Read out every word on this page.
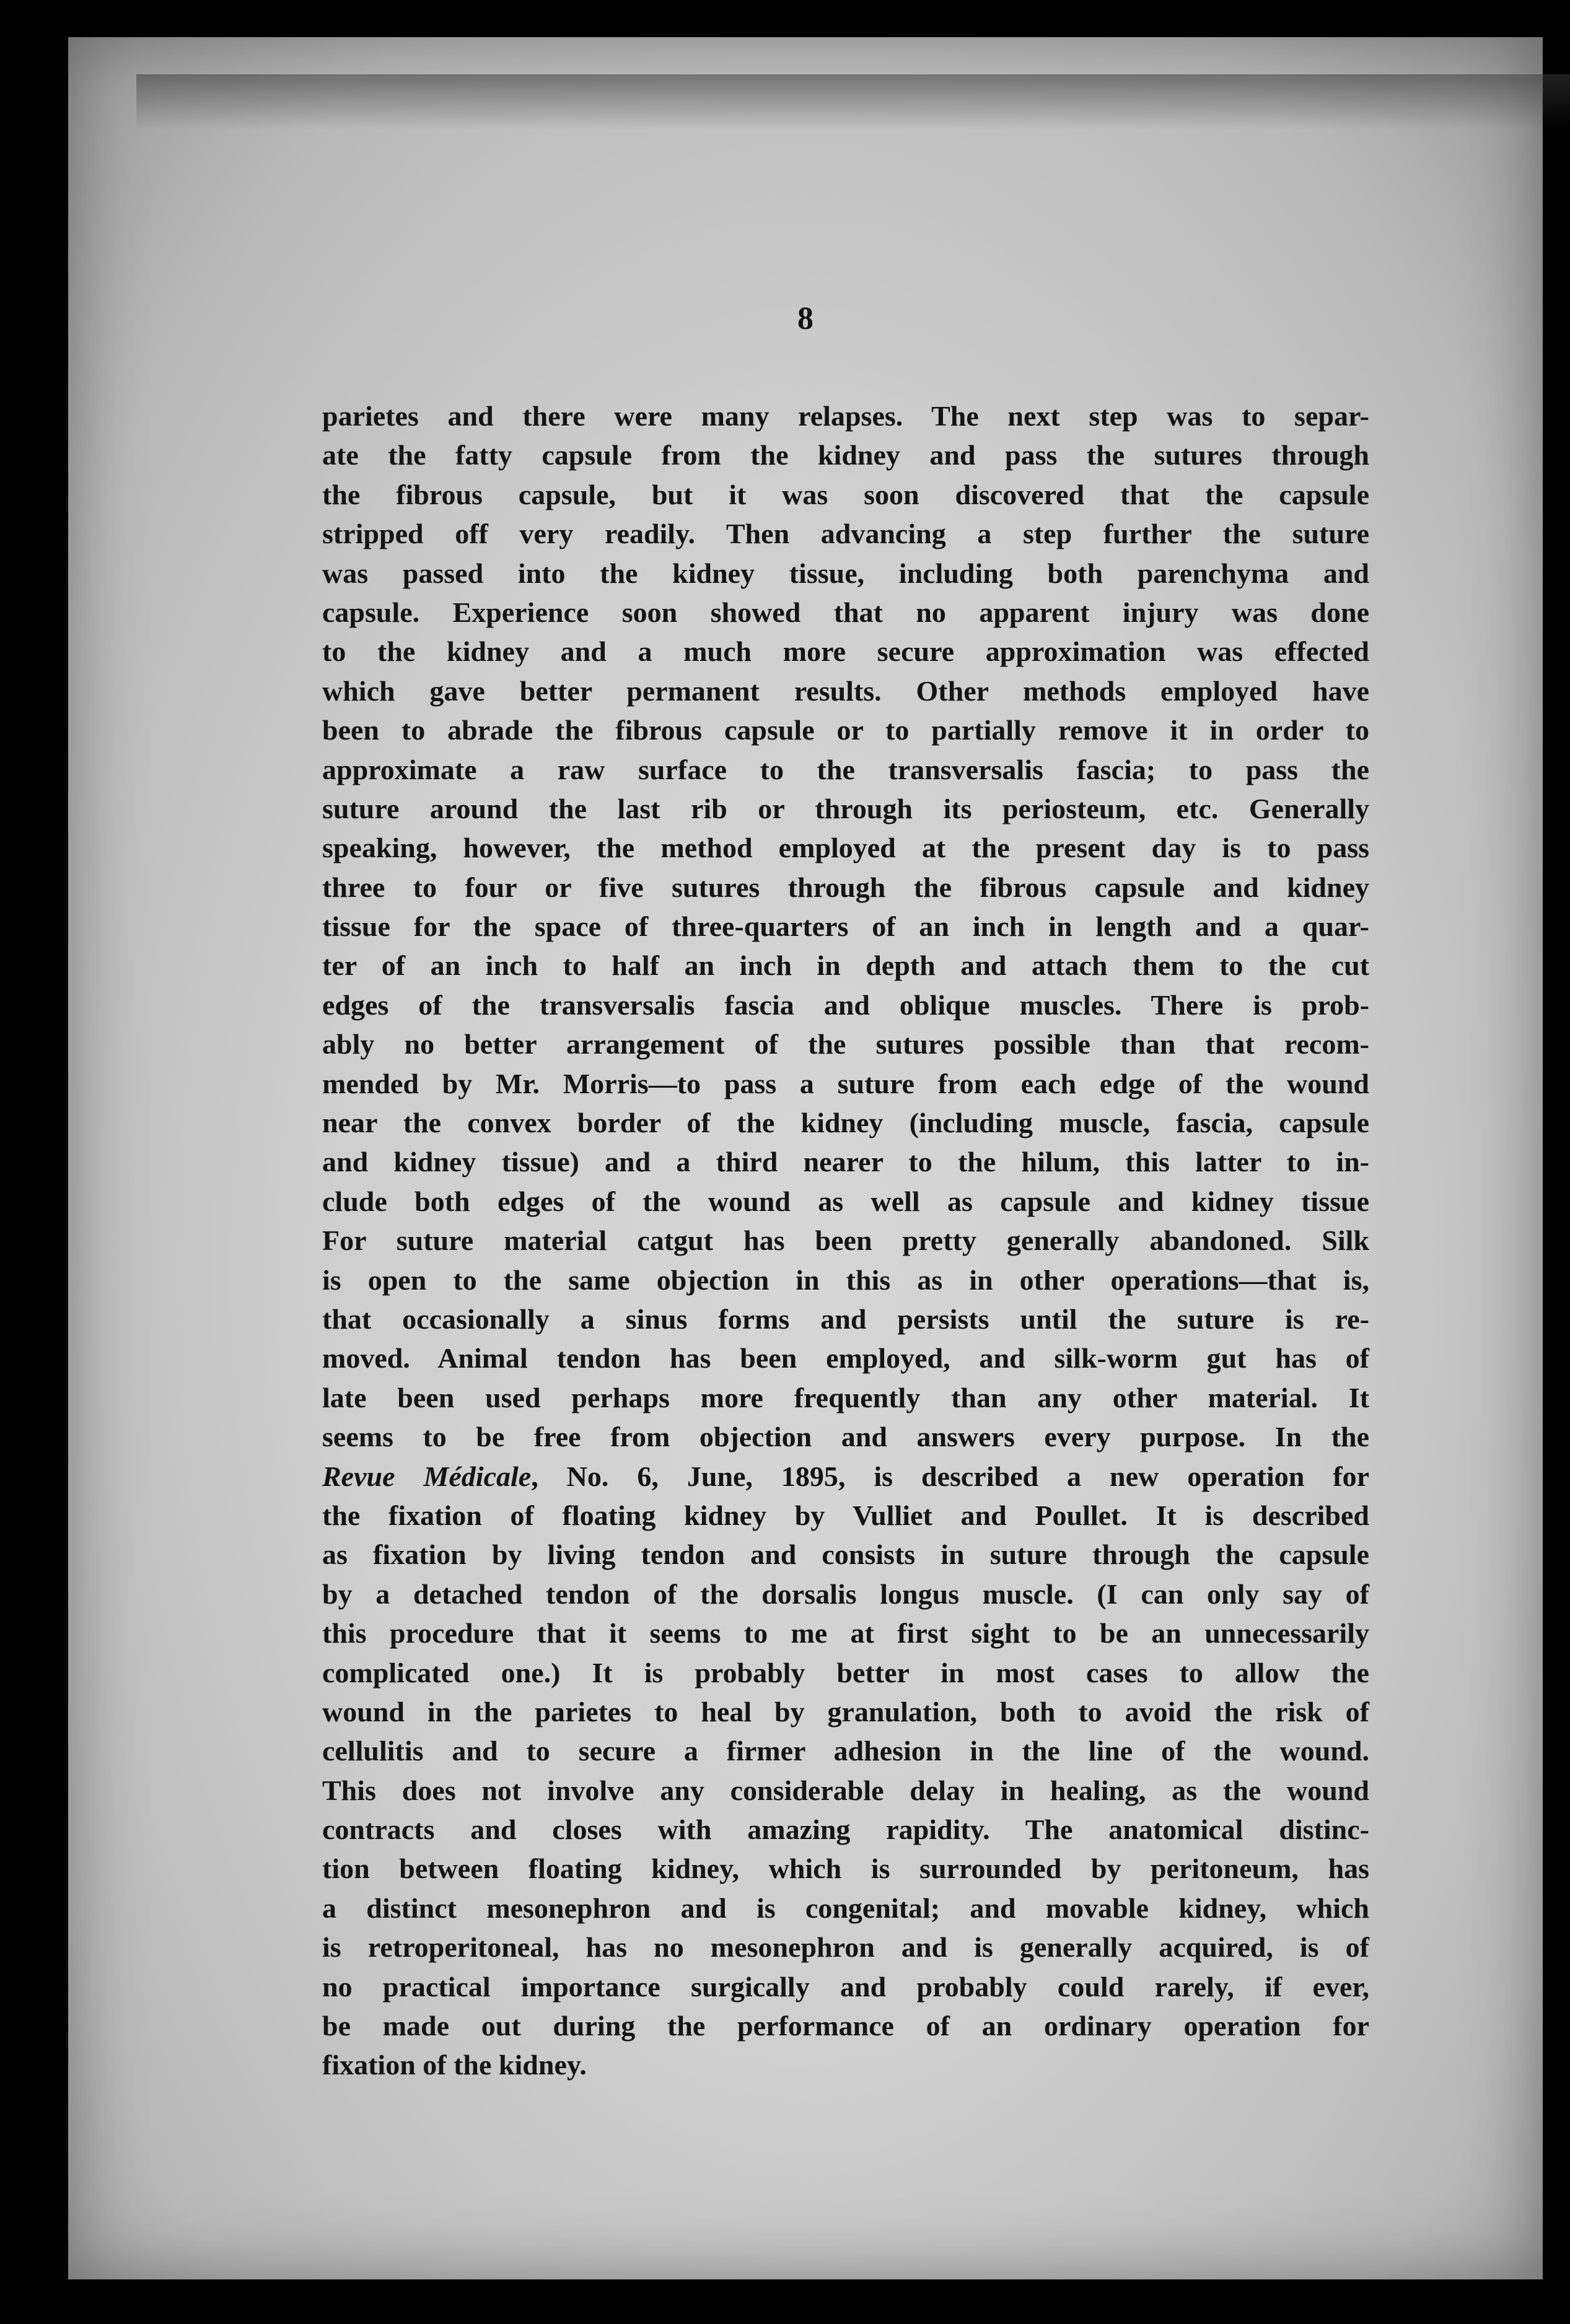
8
parietes and there were many relapses. The next step was to separ-
ate the fatty capsule from the kidney and pass the sutures through
the fibrous capsule, but it was soon discovered that the capsule
stripped off very readily. Then advancing a step further the suture
was passed into the kidney tissue, including both parenchyma and
capsule. Experience soon showed that no apparent injury was done
to the kidney and a much more secure approximation was effected
which gave better permanent results. Other methods employed have
been to abrade the fibrous capsule or to partially remove it in order to
approximate a raw surface to the transversalis fascia; to pass the
suture around the last rib or through its periosteum, etc. Generally
speaking, however, the method employed at the present day is to pass
three to four or five sutures through the fibrous capsule and kidney
tissue for the space of three-quarters of an inch in length and a quar-
ter of an inch to half an inch in depth and attach them to the cut
edges of the transversalis fascia and oblique muscles. There is prob-
ably no better arrangement of the sutures possible than that recom-
mended by Mr. Morris—to pass a suture from each edge of the wound
near the convex border of the kidney (including muscle, fascia, capsule
and kidney tissue) and a third nearer to the hilum, this latter to in-
clude both edges of the wound as well as capsule and kidney tissue
For suture material catgut has been pretty generally abandoned. Silk
is open to the same objection in this as in other operations—that is,
that occasionally a sinus forms and persists until the suture is re-
moved. Animal tendon has been employed, and silk-worm gut has of
late been used perhaps more frequently than any other material. It
seems to be free from objection and answers every purpose. In the
Revue Médicale, No. 6, June, 1895, is described a new operation for
the fixation of floating kidney by Vulliet and Poullet. It is described
as fixation by living tendon and consists in suture through the capsule
by a detached tendon of the dorsalis longus muscle. (I can only say of
this procedure that it seems to me at first sight to be an unnecessarily
complicated one.) It is probably better in most cases to allow the
wound in the parietes to heal by granulation, both to avoid the risk of
cellulitis and to secure a firmer adhesion in the line of the wound.
This does not involve any considerable delay in healing, as the wound
contracts and closes with amazing rapidity. The anatomical distinc-
tion between floating kidney, which is surrounded by peritoneum, has
a distinct mesonephron and is congenital; and movable kidney, which
is retroperitoneal, has no mesonephron and is generally acquired, is of
no practical importance surgically and probably could rarely, if ever,
be made out during the performance of an ordinary operation for
fixation of the kidney.
